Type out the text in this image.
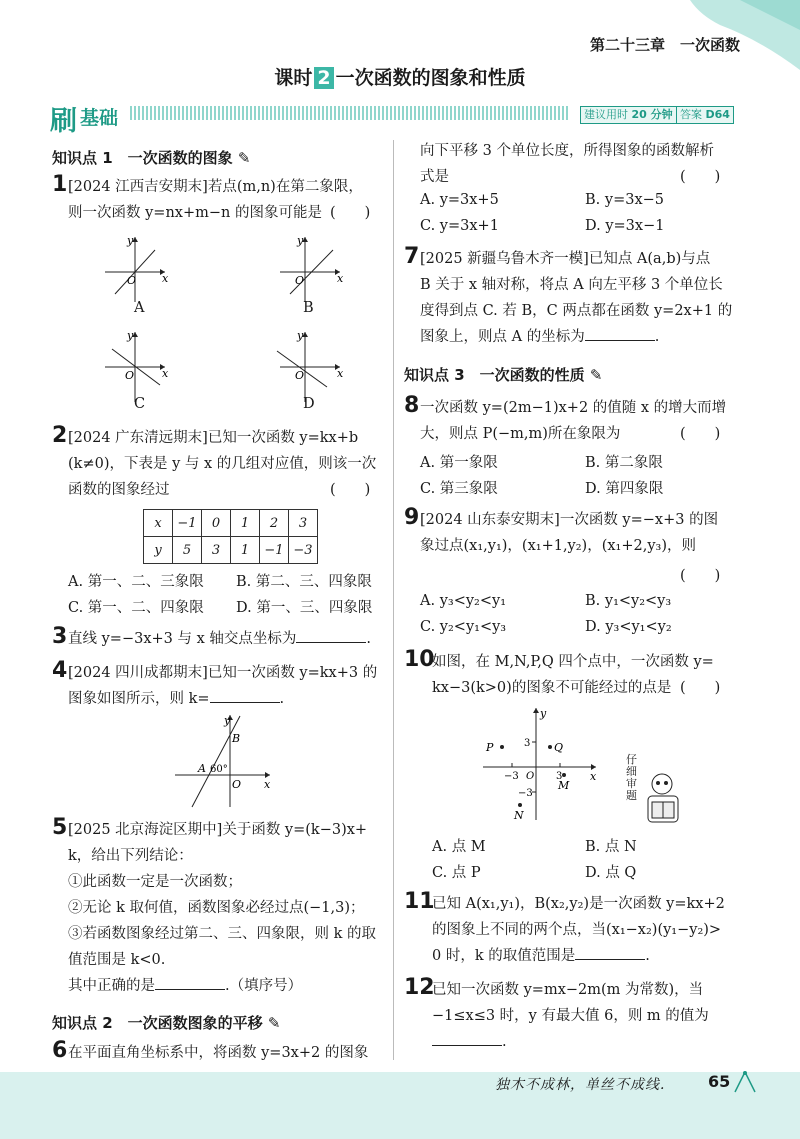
第二十三章　一次函数
课时 2 一次函数的图象和性质
刷 基础	建议用时 20 分钟 答案 D64
知识点 1　一次函数的图象 ✎
1 [2024 江西吉安期末]若点(m,n)在第二象限，
则一次函数 y=nx+m−n 的图象可能是 (　　)
O
y
x	O
y
x
O
y
x	O
y
x
A	B
C	D
2 [2024 广东清远期末]已知一次函数 y=kx+b
(k≠0)，下表是 y 与 x 的几组对应值，则该一次
函数的图象经过	(　　)
x	−1	0	1	2	3
y	5	3	1	−1	−3
A. 第一、二、三象限 B. 第二、三、四象限
C. 第一、二、四象限 D. 第一、三、四象限
3 直线 y=−3x+3 与 x 轴交点坐标为	.
4 [2024 四川成都期末]已知一次函数 y=kx+3 的
图象如图所示，则 k=	.
y
x
B
A 60°
O
5 [2025 北京海淀区期中]关于函数 y=(k−3)x+
k，给出下列结论：
①此函数一定是一次函数；
②无论 k 取何值，函数图象必经过点(−1,3)；
③若函数图象经过第二、三、四象限，则 k 的取
值范围是 k<0.
其中正确的是	.（填序号）
知识点 2　一次函数图象的平移 ✎
6 在平面直角坐标系中，将函数 y=3x+2 的图象
向下平移 3 个单位长度，所得图象的函数解析
式是	(　　)
A. y=3x+5	B. y=3x−5
C. y=3x+1	D. y=3x−1
7 [2025 新疆乌鲁木齐一模]已知点 A(a,b)与点
B 关于 x 轴对称，将点 A 向左平移 3 个单位长
度得到点 C. 若 B，C 两点都在函数 y=2x+1 的
图象上，则点 A 的坐标为	.
知识点 3　一次函数的性质 ✎
8 一次函数 y=(2m−1)x+2 的值随 x 的增大而增
大，则点 P(−m,m)所在象限为	(　　)
A. 第一象限	B. 第二象限
C. 第三象限	D. 第四象限
9 [2024 山东泰安期末]一次函数 y=−x+3 的图
象过点(x₁,y₁)，(x₁+1,y₂)，(x₁+2,y₃)，则
(　　)
A. y₃<y₂<y₁	B. y₁<y₂<y₃
C. y₂<y₁<y₃	D. y₃<y₁<y₂
10
如图，在 M,N,P,Q 四个点中，一次函数 y=
kx−3(k>0)的图象不可能经过的点是 (　　)
y
x
3
−3
−3	3
O
P	Q
M
N
仔细审题
A. 点 M	B. 点 N
C. 点 P	D. 点 Q
11
已知 A(x₁,y₁)，B(x₂,y₂)是一次函数 y=kx+2
的图象上不同的两个点，当(x₁−x₂)(y₁−y₂)>
0 时，k 的取值范围是	.
12
已知一次函数 y=mx−2m(m 为常数)，当
−1≤x≤3 时，y 有最大值 6，则 m 的值为
.
独木不成林，单丝不成线.	65
